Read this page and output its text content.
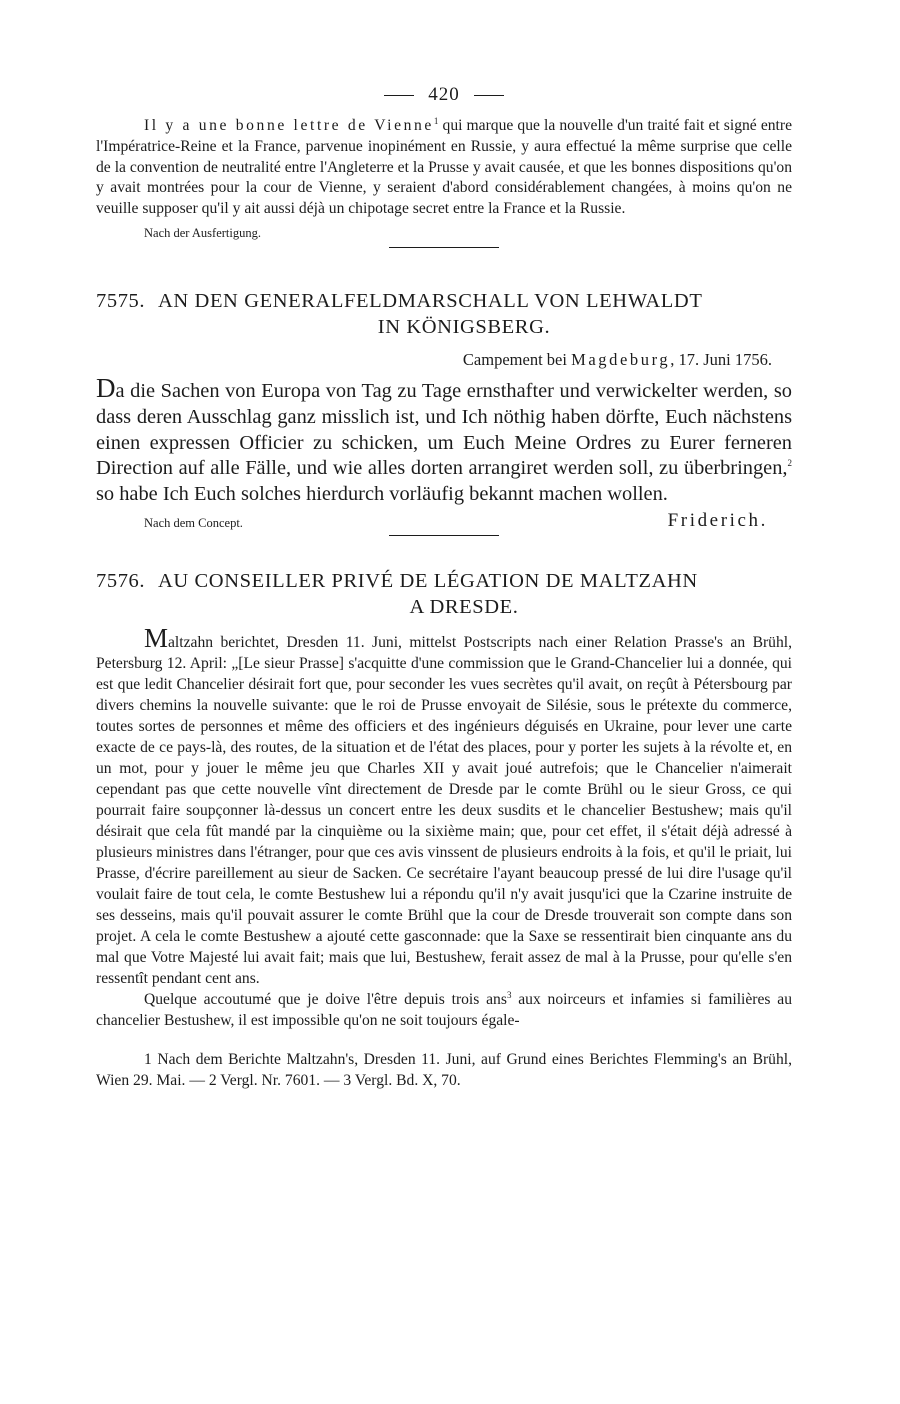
420

Il y a une bonne lettre de Vienne$^1$ qui marque que la nouvelle d'un traité fait et signé entre l'Impératrice-Reine et la France, parvenue inopinément en Russie, y aura effectué la même surprise que celle de la convention de neutralité entre l'Angleterre et la Prusse y avait causée, et que les bonnes dispositions qu'on y avait montrées pour la cour de Vienne, y seraient d'abord considérablement changées, à moins qu'on ne veuille supposer qu'il y ait aussi déjà un chipotage secret entre la France et la Russie.

Nach der Ausfertigung.
7575. AN DEN GENERALFELDMARSCHALL VON LEHWALDT
IN KÖNIGSBERG.
Campement bei Magdeburg, 17. Juni 1756.

Da die Sachen von Europa von Tag zu Tage ernsthafter und verwickelter werden, so dass deren Ausschlag ganz misslich ist, und Ich nöthig haben dörfte, Euch nächstens einen expressen Officier zu schicken, um Euch Meine Ordres zu Eurer ferneren Direction auf alle Fälle, und wie alles dorten arrangiret werden soll, zu überbringen,$^2$ so habe Ich Euch solches hierdurch vorläufig bekannt machen wollen.

Nach dem Concept.	Friderich.
7576. AU CONSEILLER PRIVÉ DE LÉGATION DE MALTZAHN
A DRESDE.

Maltzahn berichtet, Dresden 11. Juni, mittelst Postscripts nach einer Relation Prasse's an Brühl, Petersburg 12. April: „[Le sieur Prasse] s'acquitte d'une commission que le Grand-Chancelier lui a donnée, qui est que ledit Chancelier désirait fort que, pour seconder les vues secrètes qu'il avait, on reçût à Pétersbourg par divers chemins la nouvelle suivante: que le roi de Prusse envoyait de Silésie, sous le prétexte du commerce, toutes sortes de personnes et même des officiers et des ingénieurs déguisés en Ukraine, pour lever une carte exacte de ce pays-là, des routes, de la situation et de l'état des places, pour y porter les sujets à la révolte et, en un mot, pour y jouer le même jeu que Charles XII y avait joué autrefois; que le Chancelier n'aimerait cependant pas que cette nouvelle vînt directement de Dresde par le comte Brühl ou le sieur Gross, ce qui pourrait faire soupçonner là-dessus un concert entre les deux susdits et le chancelier Bestushew; mais qu'il désirait que cela fût mandé par la cinquième ou la sixième main; que, pour cet effet, il s'était déjà adressé à plusieurs ministres dans l'étranger, pour que ces avis vinssent de plusieurs endroits à la fois, et qu'il le priait, lui Prasse, d'écrire pareillement au sieur de Sacken. Ce secrétaire l'ayant beaucoup pressé de lui dire l'usage qu'il voulait faire de tout cela, le comte Bestushew lui a répondu qu'il n'y avait jusqu'ici que la Czarine instruite de ses desseins, mais qu'il pouvait assurer le comte Brühl que la cour de Dresde trouverait son compte dans son projet. A cela le comte Bestushew a ajouté cette gasconnade: que la Saxe se ressentirait bien cinquante ans du mal que Votre Majesté lui avait fait; mais que lui, Bestushew, ferait assez de mal à la Prusse, pour qu'elle s'en ressentît pendant cent ans.

Quelque accoutumé que je doive l'être depuis trois ans$^3$ aux noirceurs et infamies si familières au chancelier Bestushew, il est impossible qu'on ne soit toujours égale-

1 Nach dem Berichte Maltzahn's, Dresden 11. Juni, auf Grund eines Berichtes Flemming's an Brühl, Wien 29. Mai. — 2 Vergl. Nr. 7601. — 3 Vergl. Bd. X, 70.
